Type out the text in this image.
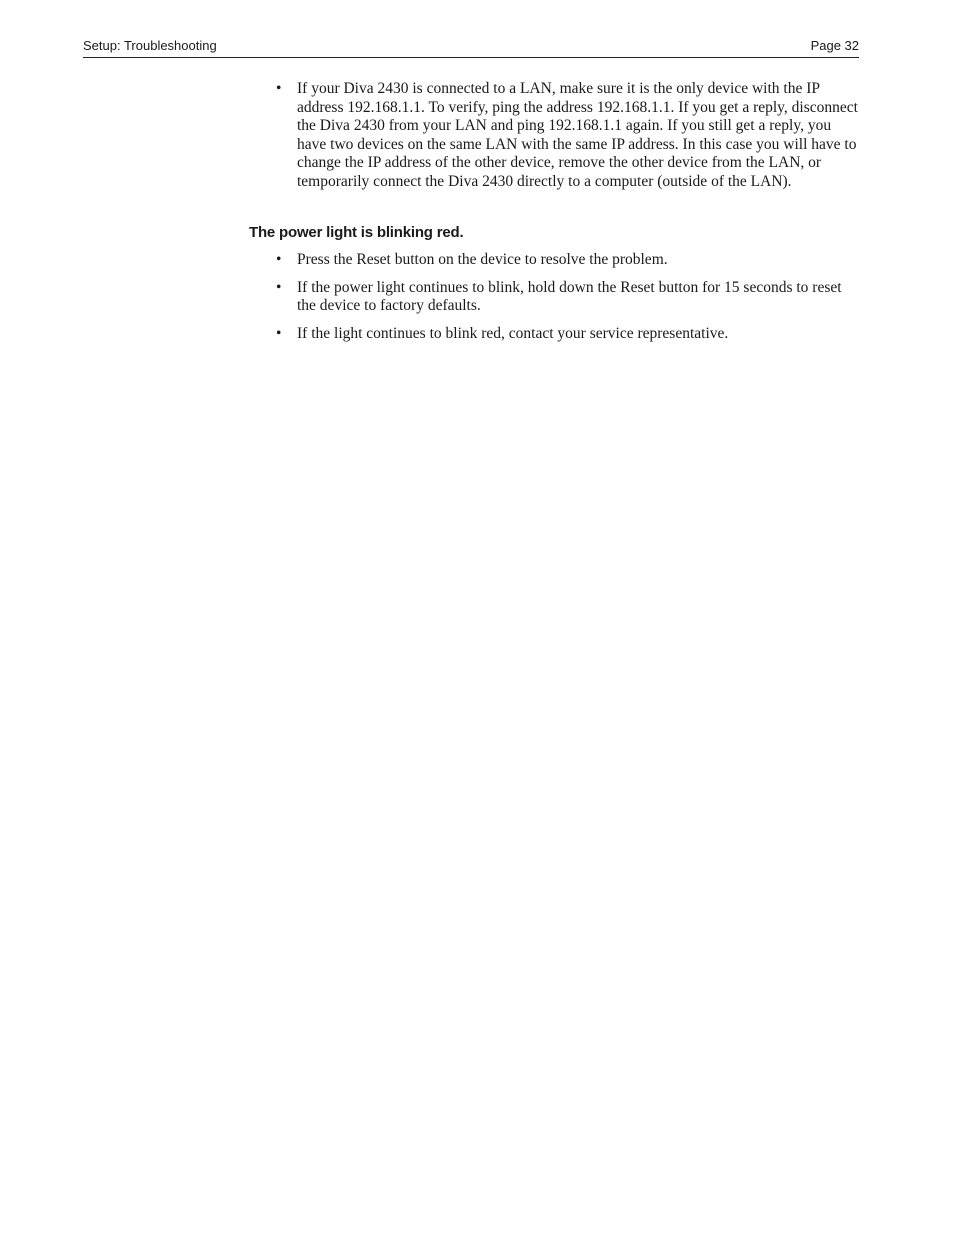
Setup: Troubleshooting	Page 32
• If your Diva 2430 is connected to a LAN, make sure it is the only device with the IP address 192.168.1.1. To verify, ping the address 192.168.1.1. If you get a reply, disconnect the Diva 2430 from your LAN and ping 192.168.1.1 again. If you still get a reply, you have two devices on the same LAN with the same IP address. In this case you will have to change the IP address of the other device, remove the other device from the LAN, or temporarily connect the Diva 2430 directly to a computer (outside of the LAN).
The power light is blinking red.
• Press the Reset button on the device to resolve the problem.
• If the power light continues to blink, hold down the Reset button for 15 seconds to reset the device to factory defaults.
• If the light continues to blink red, contact your service representative.
